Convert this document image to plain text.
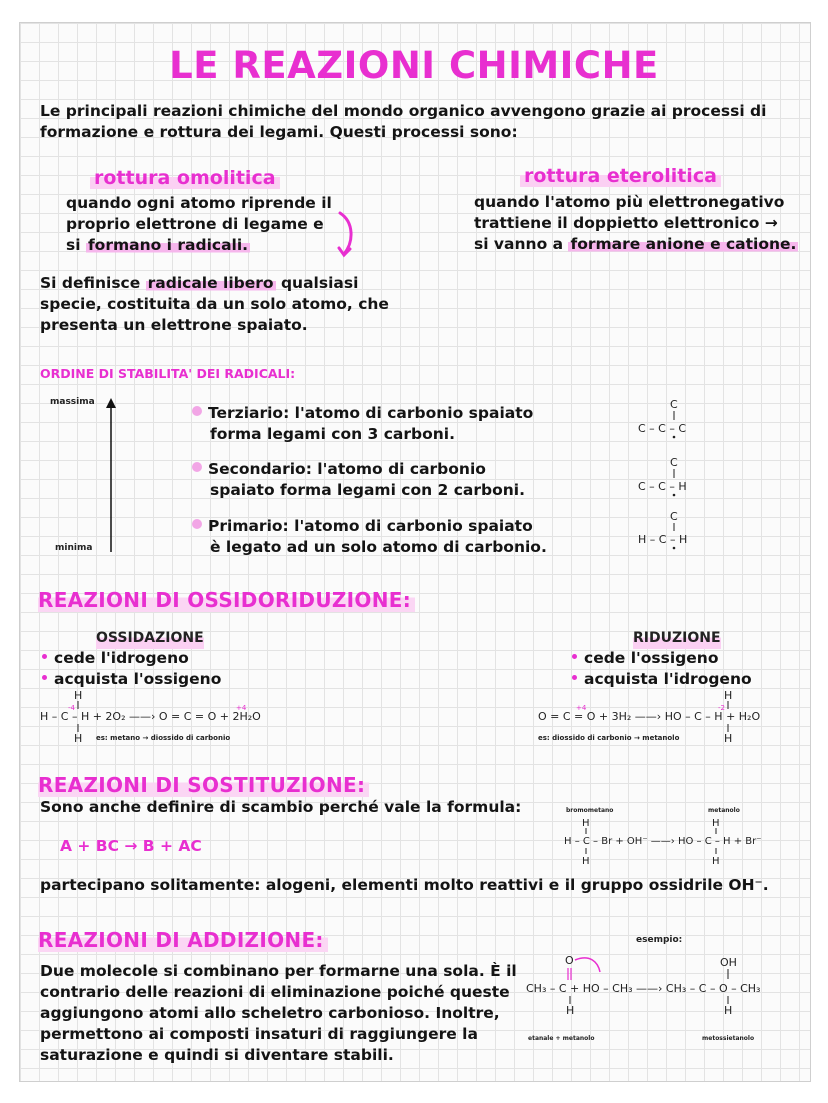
LE REAZIONI CHIMICHE
Le principali reazioni chimiche del mondo organico avvengono grazie ai processi di
formazione e rottura dei legami. Questi processi sono:
rottura omolitica
quando ogni atomo riprende il
proprio elettrone di legame e
si formano i radicali.
rottura eterolitica
quando l'atomo più elettronegativo
trattiene il doppietto elettronico →
si vanno a formare anione e catione.
Si definisce radicale libero qualsiasi
specie, costituita da un solo atomo, che
presenta un elettrone spaiato.
ORDINE DI STABILITA' DEI RADICALI:
massima
minima
Terziario: l'atomo di carbonio spaiato
forma legami con 3 carboni.
Secondario: l'atomo di carbonio
spaiato forma legami con 2 carboni.
Primario: l'atomo di carbonio spaiato
è legato ad un solo atomo di carbonio.
C
C – C – C
C
C – C – H
C
H – C – H
REAZIONI DI OSSIDORIDUZIONE:
OSSIDAZIONE
cede l'idrogeno
acquista l'ossigeno
H
H – C – H + 2O₂ ——› O = C = O + 2H₂O
-4	+4
H es: metano → diossido di carbonio
RIDUZIONE
cede l'ossigeno
acquista l'idrogeno
H
O = C = O + 3H₂ ——› HO – C – H + H₂O
+4	-2
H
es: diossido di carbonio → metanolo
REAZIONI DI SOSTITUZIONE:
Sono anche definire di scambio perché vale la formula:
A + BC → B + AC
bromometano	metanolo
H
H – C – Br + OH⁻ ——› HO – C – H + Br⁻
H
H
H
partecipano solitamente: alogeni, elementi molto reattivi e il gruppo ossidrile OH⁻.
REAZIONI DI ADDIZIONE:	esempio:
Due molecole si combinano per formarne una sola. È il
contrario delle reazioni di eliminazione poiché queste
aggiungono atomi allo scheletro carbonioso. Inoltre,
permettono ai composti insaturi di raggiungere la
saturazione e quindi si diventare stabili.
O
CH₃ – C + HO – CH₃ ——› CH₃ – C – O – CH₃
H
OH
H
etanale + metanolo	metossietanolo
